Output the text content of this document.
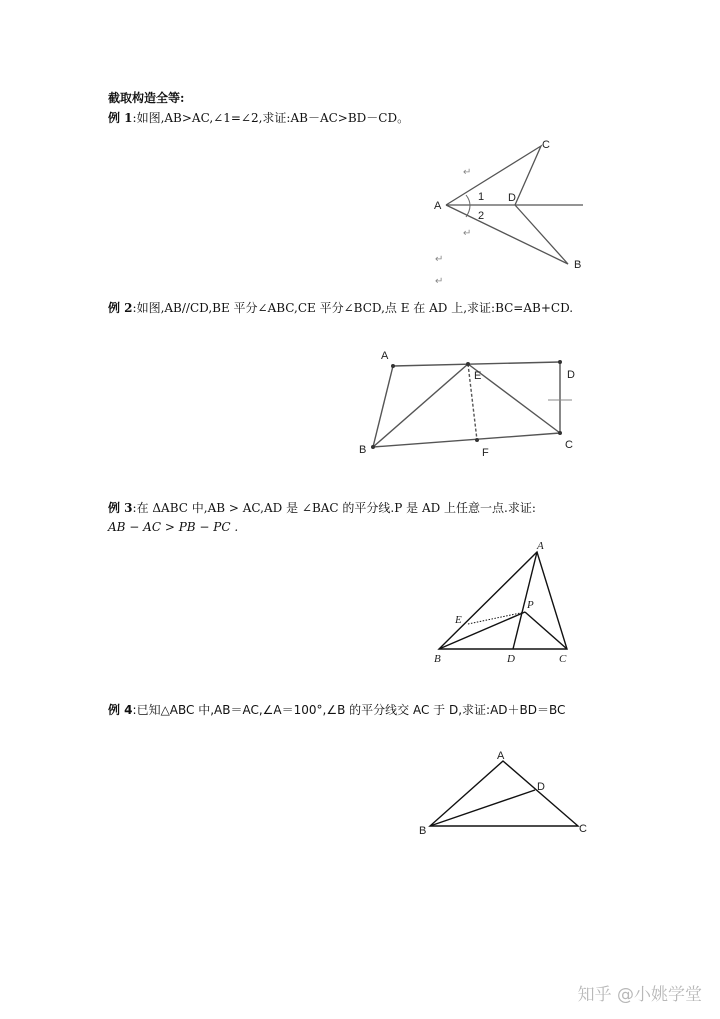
截取构造全等:
例 1:如图,AB>AC,∠1=∠2,求证:AB－AC>BD－CD。
例 2:如图,AB//CD,BE 平分∠ABC,CE 平分∠BCD,点 E 在 AD 上,求证:BC=AB+CD.
例 3:在 ΔABC 中,AB > AC,AD 是 ∠BAC 的平分线.P 是 AD 上任意一点.求证:
AB − AC > PB − PC .
例 4:已知△ABC 中,AB＝AC,∠A＝100°,∠B 的平分线交 AC 于 D,求证:AD＋BD＝BC
↵
↵
↵
↵
A
C
D
B
1
2
A
E	D
B	F
C
A
P
E
B	D	C
A
D
B	C
知乎 @小姚学堂
